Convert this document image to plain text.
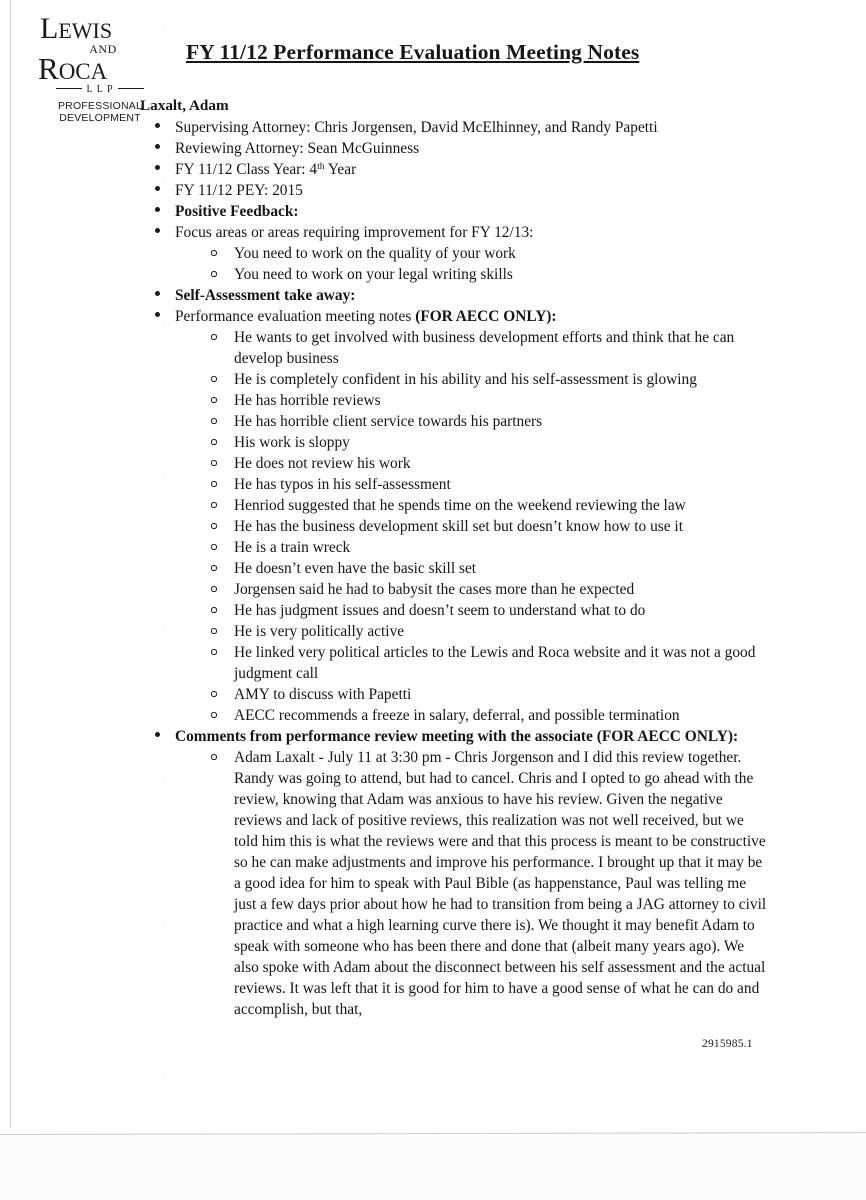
LEWIS
AND
ROCA
L L P
PROFESSIONAL
DEVELOPMENT
FY 11/12 Performance Evaluation Meeting Notes
Laxalt, Adam
Supervising Attorney: Chris Jorgensen, David McElhinney, and Randy Papetti
Reviewing Attorney: Sean McGuinness
FY 11/12 Class Year: 4th Year
FY 11/12 PEY: 2015
Positive Feedback:
Focus areas or areas requiring improvement for FY 12/13:
You need to work on the quality of your work
You need to work on your legal writing skills
Self-Assessment take away:
Performance evaluation meeting notes (FOR AECC ONLY):
He wants to get involved with business development efforts and think that he can develop business
He is completely confident in his ability and his self-assessment is glowing
He has horrible reviews
He has horrible client service towards his partners
His work is sloppy
He does not review his work
He has typos in his self-assessment
Henriod suggested that he spends time on the weekend reviewing the law
He has the business development skill set but doesn’t know how to use it
He is a train wreck
He doesn’t even have the basic skill set
Jorgensen said he had to babysit the cases more than he expected
He has judgment issues and doesn’t seem to understand what to do
He is very politically active
He linked very political articles to the Lewis and Roca website and it was not a good judgment call
AMY to discuss with Papetti
AECC recommends a freeze in salary, deferral, and possible termination
Comments from performance review meeting with the associate (FOR AECC ONLY):
Adam Laxalt - July 11 at 3:30 pm - Chris Jorgenson and I did this review together. Randy was going to attend, but had to cancel. Chris and I opted to go ahead with the review, knowing that Adam was anxious to have his review. Given the negative reviews and lack of positive reviews, this realization was not well received, but we told him this is what the reviews were and that this process is meant to be constructive so he can make adjustments and improve his performance. I brought up that it may be a good idea for him to speak with Paul Bible (as happenstance, Paul was telling me just a few days prior about how he had to transition from being a JAG attorney to civil practice and what a high learning curve there is). We thought it may benefit Adam to speak with someone who has been there and done that (albeit many years ago). We also spoke with Adam about the disconnect between his self assessment and the actual reviews. It was left that it is good for him to have a good sense of what he can do and accomplish, but that,
2915985.1
